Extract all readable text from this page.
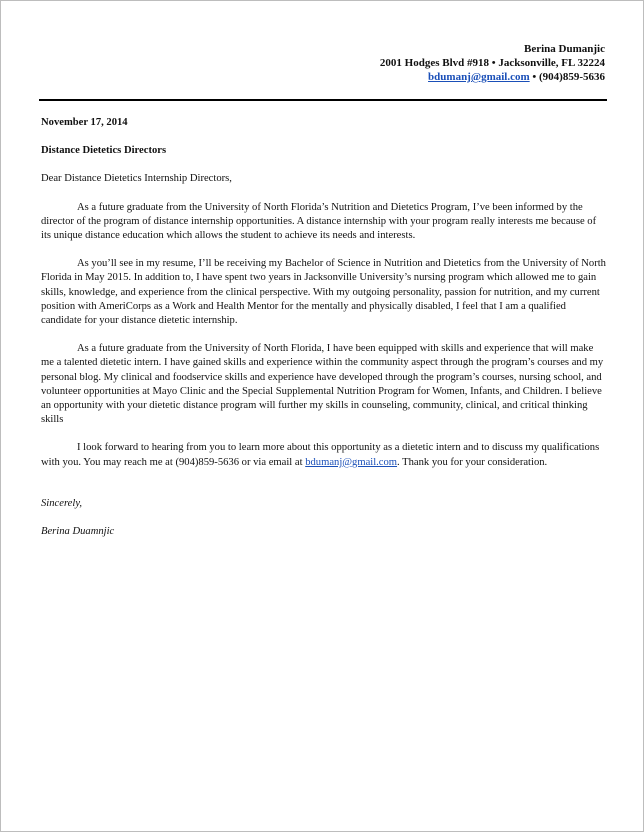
Berina Dumanjic
2001 Hodges Blvd #918 • Jacksonville, FL 32224
bdumanj@gmail.com • (904)859-5636

November 17, 2014

Distance Dietetics Directors

Dear Distance Dietetics Internship Directors,

As a future graduate from the University of North Florida’s Nutrition and Dietetics Program, I’ve been informed by the director of the program of distance internship opportunities. A distance internship with your program really interests me because of its unique distance education which allows the student to achieve its needs and interests.

As you’ll see in my resume, I’ll be receiving my Bachelor of Science in Nutrition and Dietetics from the University of North Florida in May 2015. In addition to, I have spent two years in Jacksonville University’s nursing program which allowed me to gain skills, knowledge, and experience from the clinical perspective. With my outgoing personality, passion for nutrition, and my current position with AmeriCorps as a Work and Health Mentor for the mentally and physically disabled, I feel that I am a qualified candidate for your distance dietetic internship.

As a future graduate from the University of North Florida, I have been equipped with skills and experience that will make me a talented dietetic intern. I have gained skills and experience within the community aspect through the program’s courses and my personal blog. My clinical and foodservice skills and experience have developed through the program’s courses, nursing school, and volunteer opportunities at Mayo Clinic and the Special Supplemental Nutrition Program for Women, Infants, and Children. I believe an opportunity with your dietetic distance program will further my skills in counseling, community, clinical, and critical thinking skills

I look forward to hearing from you to learn more about this opportunity as a dietetic intern and to discuss my qualifications with you. You may reach me at (904)859-5636 or via email at bdumanj@gmail.com. Thank you for your consideration.

Sincerely,

Berina Duamnjic
